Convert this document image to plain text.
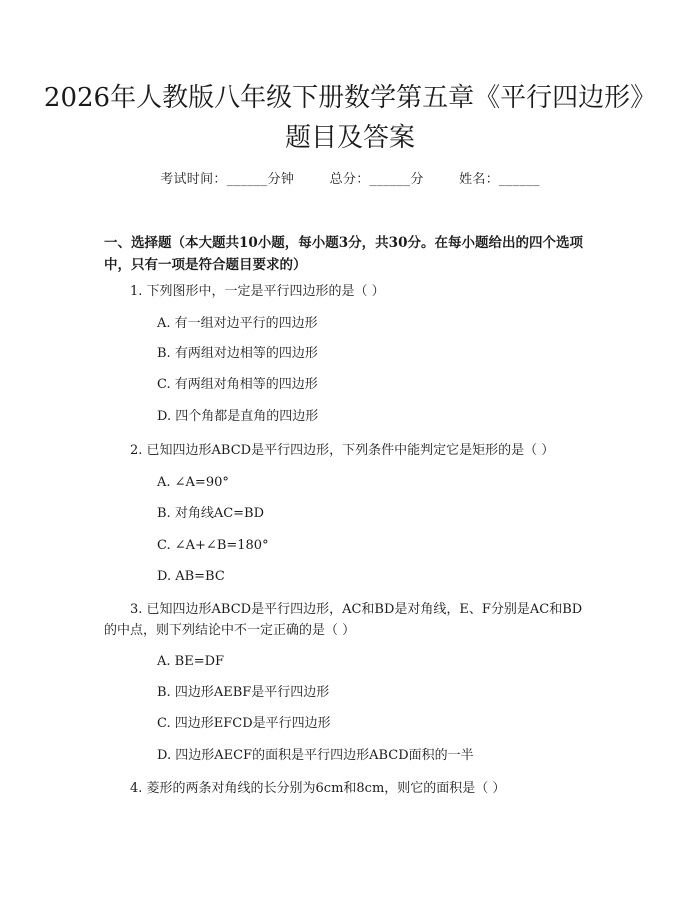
2026年人教版八年级下册数学第五章《平行四边形》题目及答案
考试时间：______分钟	总分：______分	姓名：______

一、选择题（本大题共10小题，每小题3分，共30分。在每小题给出的四个选项中，只有一项是符合题目要求的）

1. 下列图形中，一定是平行四边形的是（ ）
A. 有一组对边平行的四边形
B. 有两组对边相等的四边形
C. 有两组对角相等的四边形
D. 四个角都是直角的四边形
2. 已知四边形ABCD是平行四边形，下列条件中能判定它是矩形的是（ ）
A. ∠A=90°
B. 对角线AC=BD
C. ∠A+∠B=180°
D. AB=BC
3. 已知四边形ABCD是平行四边形，AC和BD是对角线，E、F分别是AC和BD
的中点，则下列结论中不一定正确的是（ ）
A. BE=DF
B. 四边形AEBF是平行四边形
C. 四边形EFCD是平行四边形
D. 四边形AECF的面积是平行四边形ABCD面积的一半
4. 菱形的两条对角线的长分别为6cm和8cm，则它的面积是（ ）
